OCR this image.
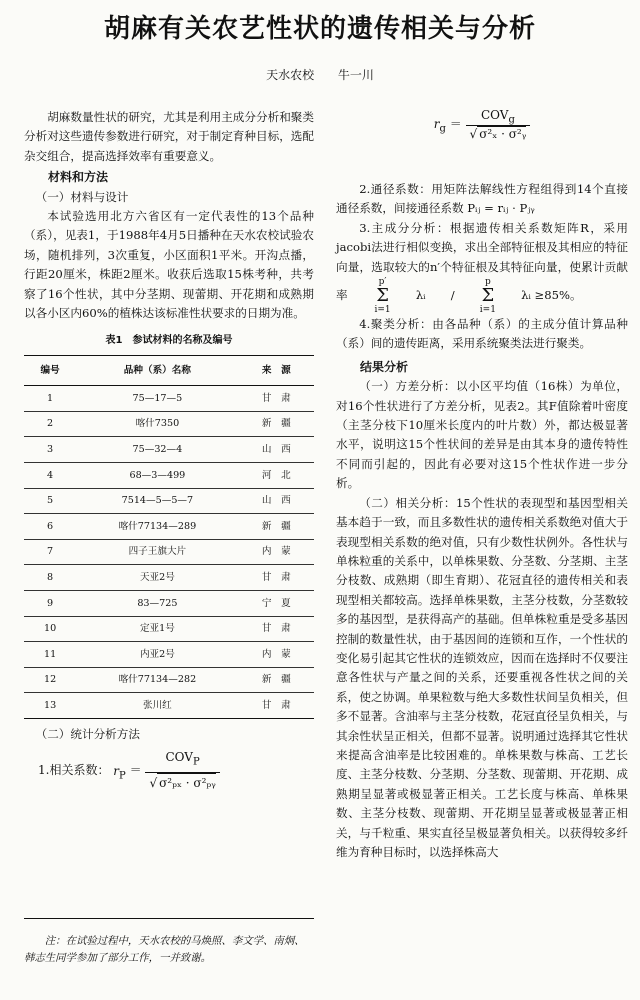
胡麻有关农艺性状的遗传相关与分析
天水农校 牛一川

胡麻数量性状的研究，尤其是利用主成分分析和聚类分析对这些遗传参数进行研究，对于制定育种目标，选配杂交组合，提高选择效率有重要意义。

材料和方法

（一）材料与设计

本试验选用北方六省区有一定代表性的13个品种（系），见表1，于1988年4月5日播种在天水农校试验农场，随机排列，3次重复，小区面积1平米。开沟点播，行距20厘米，株距2厘米。收获后选取15株考种，共考察了16个性状，其中分茎期、现蕾期、开花期和成熟期以各小区内60%的植株达该标准性状要求的日期为准。

表1　参试材料的名称及编号
编号	品种（系）名称	来　源
1	75—17—5	甘　肃
2	喀什7350	新　疆
3	75—32—4	山　西
4	68—3—499	河　北
5	7514—5—5—7	山　西
6	喀什77134—289	新　疆
7	四子王旗大片	内　蒙
8	天亚2号	甘　肃
9	83—725	宁　夏
10	定亚1号	甘　肃
11	内亚2号	内　蒙
12	喀什77134—282	新　疆
13	张川红	甘　肃

（二）统计分析方法

1.相关系数： $r_P = \frac{COV_P}{\text{√ σ²ₚₓ · σ²ₚᵧ}}$
注：在试验过程中，天水农校的马焕照、李文学、南炯、韩志生同学参加了部分工作，一并致谢。
$r_g = \frac{COV_g}{\text{√ σ²ₓ · σ²ᵧ}}$

2.通径系数：用矩阵法解线性方程组得到14个直接通径系数，间接通径系数 Pᵢⱼ = rᵢⱼ · Pⱼᵧ

3.主成分分析：根据遗传相关系数矩阵R，采用jacobi法进行相似变换，求出全部特征根及其相应的特征向量，选取较大的n′个特征根及其特征向量，使累计贡献率
p′
Σ
i=1
λᵢ	/
p
Σ
i=1
λᵢ ≥85%。

4.聚类分析：由各品种（系）的主成分值计算品种（系）间的遗传距离，采用系统聚类法进行聚类。

结果分析

（一）方差分析：以小区平均值（16株）为单位，对16个性状进行了方差分析，见表2。其F值除着叶密度（主茎分枝下10厘米长度内的叶片数）外，都达极显著水平，说明这15个性状间的差异是由其本身的遗传特性不同而引起的，因此有必要对这15个性状作进一步分析。

（二）相关分析：15个性状的表现型和基因型相关基本趋于一致，而且多数性状的遗传相关系数绝对值大于表现型相关系数的绝对值，只有少数性状例外。各性状与单株粒重的关系中，以单株果数、分茎数、分茎期、主茎分枝数、成熟期（即生育期）、花冠直径的遗传相关和表现型相关都较高。选择单株果数，主茎分枝数，分茎数较多的基因型，是获得高产的基础。但单株粒重是受多基因控制的数量性状，由于基因间的连锁和互作，一个性状的变化易引起其它性状的连锁效应，因而在选择时不仅要注意各性状与产量之间的关系，还要重视各性状之间的关系，使之协调。单果粒数与绝大多数性状间呈负相关，但多不显著。含油率与主茎分枝数，花冠直径呈负相关，与其余性状呈正相关，但都不显著。说明通过选择其它性状来提高含油率是比较困难的。单株果数与株高、工艺长度、主茎分枝数、分茎期、分茎数、现蕾期、开花期、成熟期呈显著或极显著正相关。工艺长度与株高、单株果数、主茎分枝数、现蕾期、开花期呈显著或极显著正相关，与千粒重、果实直径呈极显著负相关。以获得较多纤维为育种目标时，以选择株高大
